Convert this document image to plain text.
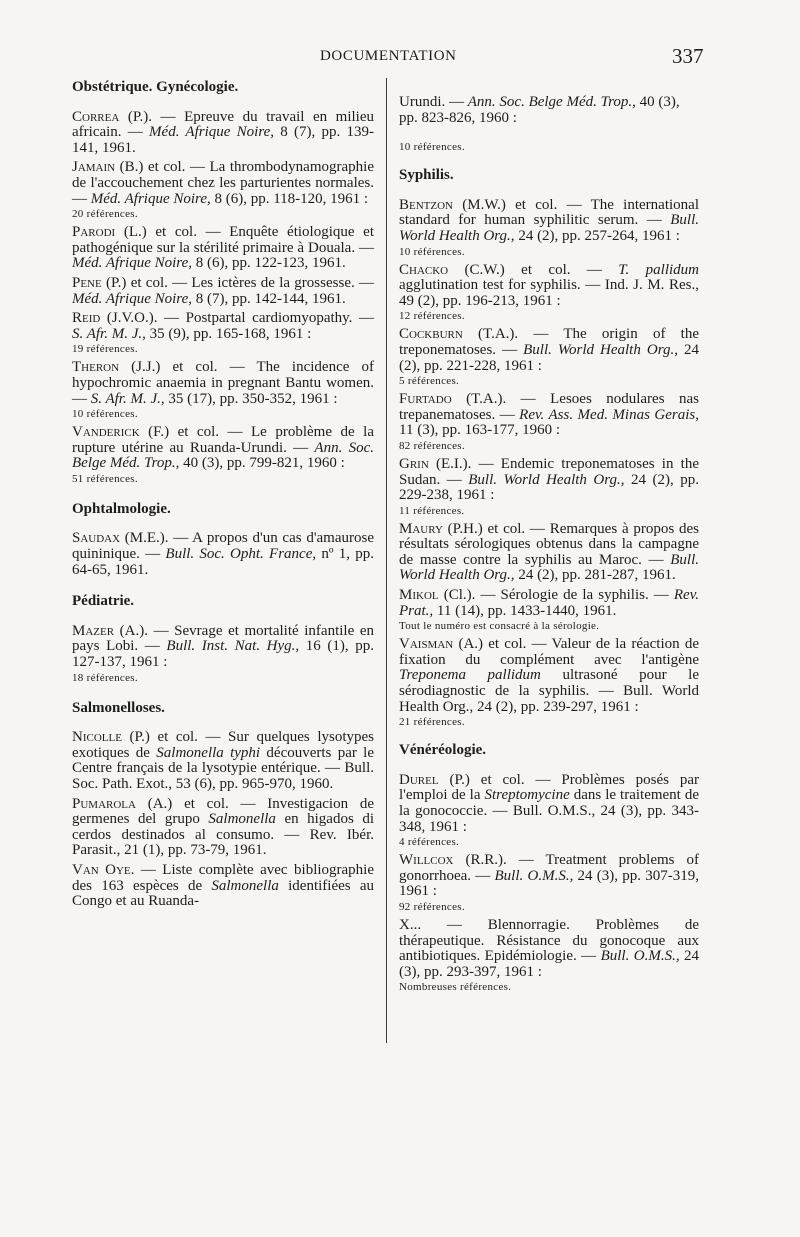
DOCUMENTATION	337
Obstétrique. Gynécologie.

Correa (P.). — Epreuve du travail en milieu africain. — Méd. Afrique Noire, 8 (7), pp. 139-141, 1961.

Jamain (B.) et col. — La thrombodynamographie de l'accouchement chez les parturientes normales. — Méd. Afrique Noire, 8 (6), pp. 118-120, 1961 :

20 références.

Parodi (L.) et col. — Enquête étiologique et pathogénique sur la stérilité primaire à Douala. — Méd. Afrique Noire, 8 (6), pp. 122-123, 1961.

Pene (P.) et col. — Les ictères de la grossesse. — Méd. Afrique Noire, 8 (7), pp. 142-144, 1961.

Reid (J.V.O.). — Postpartal cardiomyopathy. — S. Afr. M. J., 35 (9), pp. 165-168, 1961 :

19 références.

Theron (J.J.) et col. — The incidence of hypochromic anaemia in pregnant Bantu women. — S. Afr. M. J., 35 (17), pp. 350-352, 1961 :

10 références.

Vanderick (F.) et col. — Le problème de la rupture utérine au Ruanda-Urundi. — Ann. Soc. Belge Méd. Trop., 40 (3), pp. 799-821, 1960 :

51 références.
Ophtalmologie.

Saudax (M.E.). — A propos d'un cas d'amaurose quininique. — Bull. Soc. Opht. France, nº 1, pp. 64-65, 1961.

Pédiatrie.

Mazer (A.). — Sevrage et mortalité infantile en pays Lobi. — Bull. Inst. Nat. Hyg., 16 (1), pp. 127-137, 1961 :

18 références.
Salmonelloses.

Nicolle (P.) et col. — Sur quelques lysotypes exotiques de Salmonella typhi découverts par le Centre français de la lysotypie entérique. — Bull. Soc. Path. Exot., 53 (6), pp. 965-970, 1960.

Pumarola (A.) et col. — Investigacion de germenes del grupo Salmonella en higados di cerdos destinados al consumo. — Rev. Ibér. Parasit., 21 (1), pp. 73-79, 1961.

Van Oye. — Liste complète avec bibliographie des 163 espèces de Salmonella identifiées au Congo et au Ruanda-

Urundi. — Ann. Soc. Belge Méd. Trop., 40 (3), pp. 823-826, 1960 :

10 références.
Syphilis.

Bentzon (M.W.) et col. — The international standard for human syphilitic serum. — Bull. World Health Org., 24 (2), pp. 257-264, 1961 :

10 références.

Chacko (C.W.) et col. — T. pallidum agglutination test for syphilis. — Ind. J. M. Res., 49 (2), pp. 196-213, 1961 :

12 références.

Cockburn (T.A.). — The origin of the treponematoses. — Bull. World Health Org., 24 (2), pp. 221-228, 1961 :

5 références.

Furtado (T.A.). — Lesoes nodulares nas trepanematoses. — Rev. Ass. Med. Minas Gerais, 11 (3), pp. 163-177, 1960 :

82 références.

Grin (E.I.). — Endemic treponematoses in the Sudan. — Bull. World Health Org., 24 (2), pp. 229-238, 1961 :

11 références.

Maury (P.H.) et col. — Remarques à propos des résultats sérologiques obtenus dans la campagne de masse contre la syphilis au Maroc. — Bull. World Health Org., 24 (2), pp. 281-287, 1961.

Mikol (Cl.). — Sérologie de la syphilis. — Rev. Prat., 11 (14), pp. 1433-1440, 1961.

Tout le numéro est consacré à la sérologie.

Vaisman (A.) et col. — Valeur de la réaction de fixation du complément avec l'antigène Treponema pallidum ultrasoné pour le sérodiagnostic de la syphilis. — Bull. World Health Org., 24 (2), pp. 239-297, 1961 :

21 références.
Vénéréologie.

Durel (P.) et col. — Problèmes posés par l'emploi de la Streptomycine dans le traitement de la gonococcie. — Bull. O.M.S., 24 (3), pp. 343-348, 1961 :

4 références.

Willcox (R.R.). — Treatment problems of gonorrhoea. — Bull. O.M.S., 24 (3), pp. 307-319, 1961 :

92 références.

X... — Blennorragie. Problèmes de thérapeutique. Résistance du gonocoque aux antibiotiques. Epidémiologie. — Bull. O.M.S., 24 (3), pp. 293-397, 1961 :

Nombreuses références.
